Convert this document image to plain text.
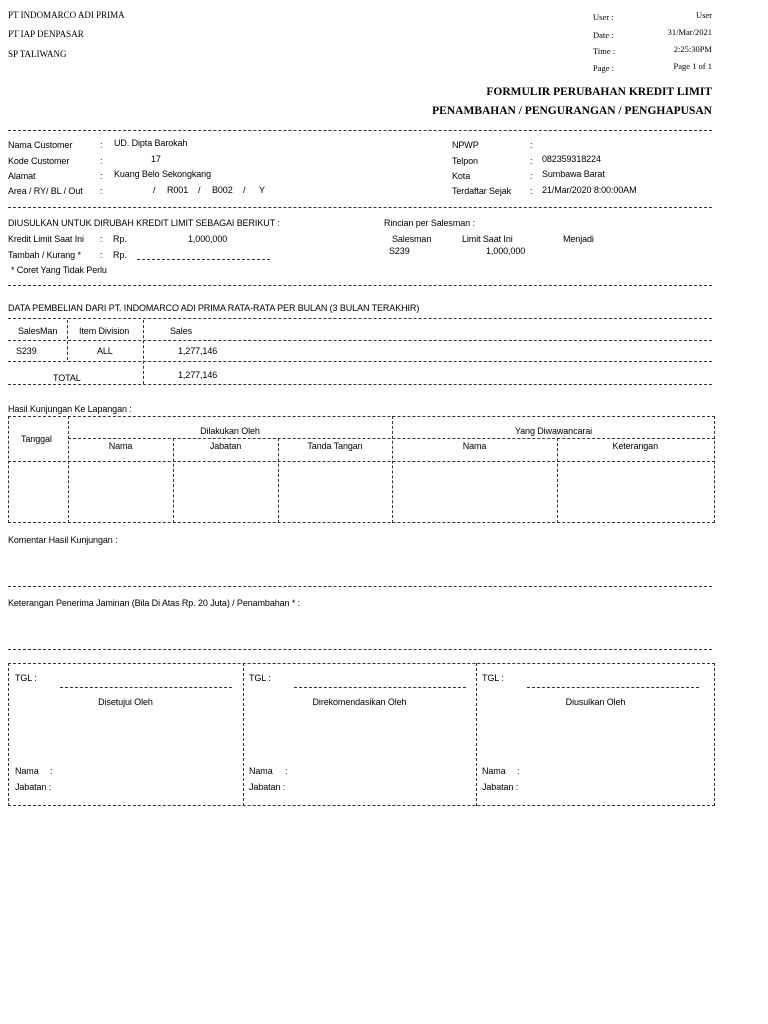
PT INDOMARCO ADI PRIMA
PT IAP DENPASAR
SP TALIWANG
User :	User
Date :	31/Mar/2021
Time :	2:25:30PM
Page :	Page 1 of 1
FORMULIR PERUBAHAN KREDIT LIMIT
PENAMBAHAN / PENGURANGAN / PENGHAPUSAN
Nama Customer	: UD. Dipta Barokah
Kode Customer	:	17
Alamat	: Kuang Belo Sekongkang
Area / RY/ BL / Out :	/ R001 / B002 / Y
NPWP	:
Telpon	: 082359318224
Kota	: Sumbawa Barat
Terdaftar Sejak : 21/Mar/2020 8:00:00AM
DIUSULKAN UNTUK DIRUBAH KREDIT LIMIT SEBAGAI BERIKUT :
Kredit Limit Saat Ini : Rp.	1,000,000
Tambah / Kurang * : Rp.
* Coret Yang Tidak Perlu
Rincian per Salesman :
Salesman	Limit Saat Ini	Menjadi
S239	1,000,000
DATA PEMBELIAN DARI PT. INDOMARCO ADI PRIMA RATA-RATA PER BULAN (3 BULAN TERAKHIR)
SalesMan Item Division	Sales
S239	ALL	1,277,146
TOTAL	1,277,146
Hasil Kunjungan Ke Lapangan :
Tanggal
Dilakukan Oleh	Yang Diwawancarai
Nama	Jabatan	Tanda Tangan	Nama	Keterangan
Komentar Hasil Kunjungan :
Keterangan Penerima Jaminan (Bila Di Atas Rp. 20 Juta) / Penambahan * :
TGL :
Disetujui Oleh
Nama :
Jabatan :
TGL :
Direkomendasikan Oleh
Nama :
Jabatan :
TGL :
Diusulkan Oleh
Nama :
Jabatan :
